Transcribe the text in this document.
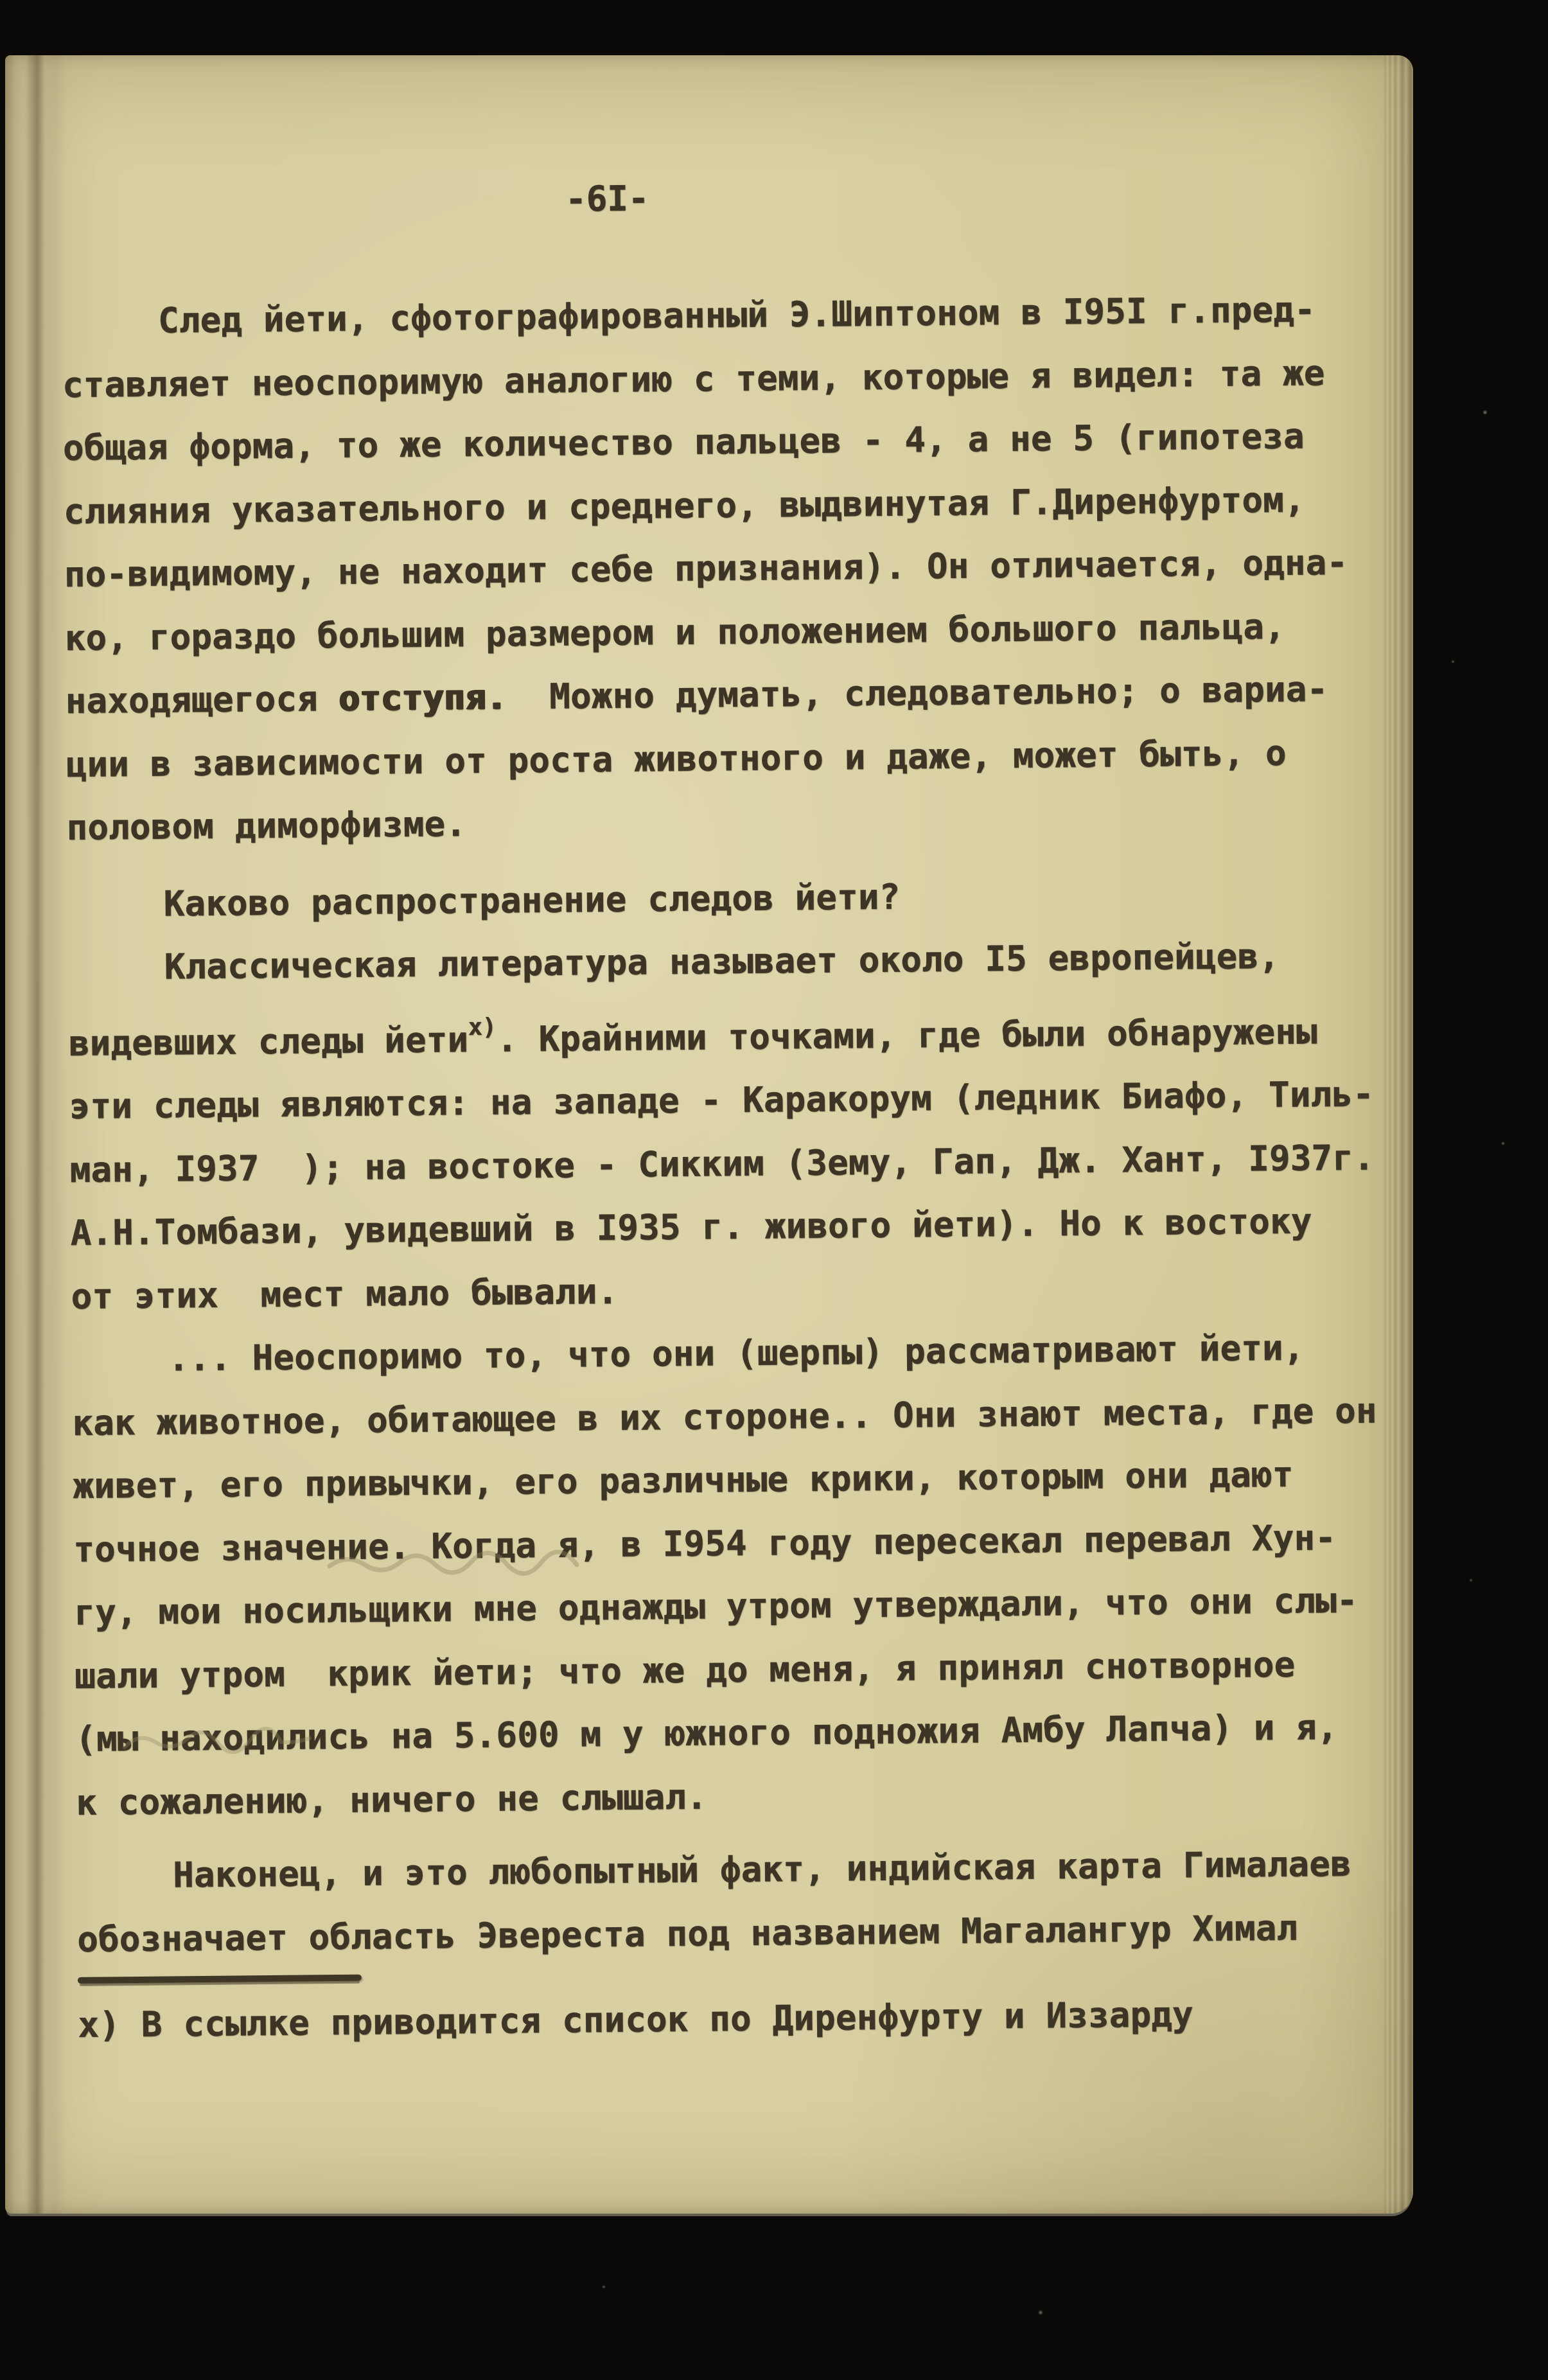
-6I-
След йети, сфотографированный Э.Шиптоном в I95I г.пред-
ставляет неоспоримую аналогию с теми, которые я видел: та же
общая форма, то же количество пальцев - 4, а не 5 (гипотеза
слияния указательного и среднего, выдвинутая Г.Диренфуртом,
по-видимому, не находит себе признания). Он отличается, одна-
ко, гораздо большим размером и положением большого пальца,
находящегося отступя.  Можно думать, следовательно; о вариа-
ции в зависимости от роста животного и даже, может быть, о
половом диморфизме.
Каково распространение следов йети?
Классическая литература называет около I5 европейцев,
видевших следы йети$^{х)}$. Крайними точками, где были обнаружены
эти следы являются: на западе - Каракорум (ледник Биафо, Тиль-
ман, I937  ); на востоке - Сикким (Зему, Гап, Дж. Хант, I937г.
А.Н.Томбази, увидевший в I935 г. живого йети). Но к востоку
от этих  мест мало бывали.
... Неоспоримо то, что они (шерпы) рассматривают йети,
как животное, обитающее в их стороне.. Они знают места, где он
живет, его привычки, его различные крики, которым они дают
точное значение. Когда я, в I954 году пересекал перевал Хун-
гу, мои носильщики мне однажды утром утверждали, что они слы-
шали утром  крик йети; что же до меня, я принял снотворное
(мы находились на 5.600 м у южного подножия Амбу Лапча) и я,
к сожалению, ничего не слышал.
Наконец, и это любопытный факт, индийская карта Гималаев
обозначает область Эвереста под названием Магалангур Химал
х) В ссылке приводится список по Диренфурту и Иззарду
